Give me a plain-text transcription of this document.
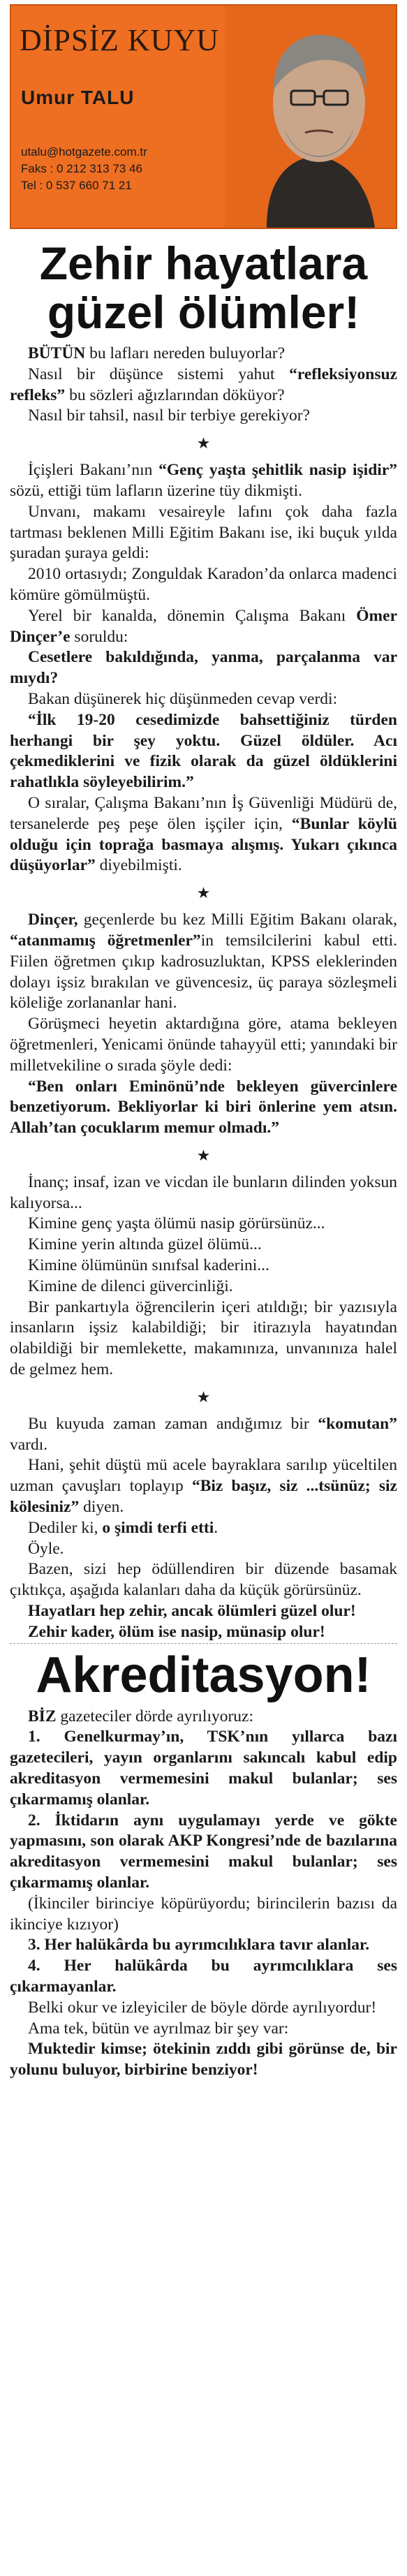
DİPSİZ KUYU
Umur TALU
utalu@hotgazete.com.tr
Faks : 0 212 313 73 46
Tel : 0 537 660 71 21
Zehir hayatlara güzel ölümler!

BÜTÜN bu lafları nereden buluyorlar?

Nasıl bir düşünce sistemi yahut “refleksiyonsuz refleks” bu sözleri ağızlarından döküyor?

Nasıl bir tahsil, nasıl bir terbiye gerekiyor?

★

İçişleri Bakanı’nın “Genç yaşta şehitlik nasip işidir” sözü, ettiği tüm lafların üzerine tüy dikmişti.

Unvanı, makamı vesaireyle lafını çok daha fazla tartması beklenen Milli Eğitim Bakanı ise, iki buçuk yılda şuradan şuraya geldi:

2010 ortasıydı; Zonguldak Karadon’da onlarca madenci kömüre gömülmüştü.

Yerel bir kanalda, dönemin Çalışma Bakanı Ömer Dinçer’e soruldu:

Cesetlere bakıldığında, yanma, parçalanma var mıydı?

Bakan düşünerek hiç düşünmeden cevap verdi:

“İlk 19-20 cesedimizde bahsettiğiniz türden herhangi bir şey yoktu. Güzel öldüler. Acı çekmediklerini ve fizik olarak da güzel öldüklerini rahatlıkla söyleyebilirim.”

O sıralar, Çalışma Bakanı’nın İş Güvenliği Müdürü de, tersanelerde peş peşe ölen işçiler için, “Bunlar köylü olduğu için toprağa basmaya alışmış. Yukarı çıkınca düşüyorlar” diyebilmişti.

★

Dinçer, geçenlerde bu kez Milli Eğitim Bakanı olarak, “atanmamış öğretmenler”in temsilcilerini kabul etti. Fiilen öğretmen çıkıp kadrosuzluktan, KPSS eleklerinden dolayı işsiz bırakılan ve güvencesiz, üç paraya sözleşmeli köleliğe zorlananlar hani.

Görüşmeci heyetin aktardığına göre, atama bekleyen öğretmenleri, Yenicami önünde tahayyül etti; yanındaki bir milletvekiline o sırada şöyle dedi:

“Ben onları Eminönü’nde bekleyen güvercinlere benzetiyorum. Bekliyorlar ki biri önlerine yem atsın. Allah’tan çocuklarım memur olmadı.”

★

İnanç; insaf, izan ve vicdan ile bunların dilinden yoksun kalıyorsa...

Kimine genç yaşta ölümü nasip görürsünüz...

Kimine yerin altında güzel ölümü...

Kimine ölümünün sınıfsal kaderini...

Kimine de dilenci güvercinliği.

Bir pankartıyla öğrencilerin içeri atıldığı; bir yazısıyla insanların işsiz kalabildiği; bir itirazıyla hayatından olabildiği bir memlekette, makamınıza, unvanınıza halel de gelmez hem.

★

Bu kuyuda zaman zaman andığımız bir “komutan” vardı.

Hani, şehit düştü mü acele bayraklara sarılıp yüceltilen uzman çavuşları toplayıp “Biz başız, siz ...tsünüz; siz kölesiniz” diyen.

Dediler ki, o şimdi terfi etti.

Öyle.

Bazen, sizi hep ödüllendiren bir düzende basamak çıktıkça, aşağıda kalanları daha da küçük görürsünüz.

Hayatları hep zehir, ancak ölümleri güzel olur!

Zehir kader, ölüm ise nasip, münasip olur!

Akreditasyon!

BİZ gazeteciler dörde ayrılıyoruz:

1. Genelkurmay’ın, TSK’nın yıllarca bazı gazetecileri, yayın organlarını sakıncalı kabul edip akreditasyon vermemesini makul bulanlar; ses çıkarmamış olanlar.

2. İktidarın aynı uygulamayı yerde ve gökte yapmasını, son olarak AKP Kongresi’nde de bazılarına akreditasyon vermemesini makul bulanlar; ses çıkarmamış olanlar.

(İkinciler birinciye köpürüyordu; birincilerin bazısı da ikinciye kızıyor)

3. Her halükârda bu ayrımcılıklara tavır alanlar.

4. Her halükârda bu ayrımcılıklara ses çıkarmayanlar.

Belki okur ve izleyiciler de böyle dörde ayrılıyordur!

Ama tek, bütün ve ayrılmaz bir şey var:

Muktedir kimse; ötekinin zıddı gibi görünse de, bir yolunu buluyor, birbirine benziyor!
